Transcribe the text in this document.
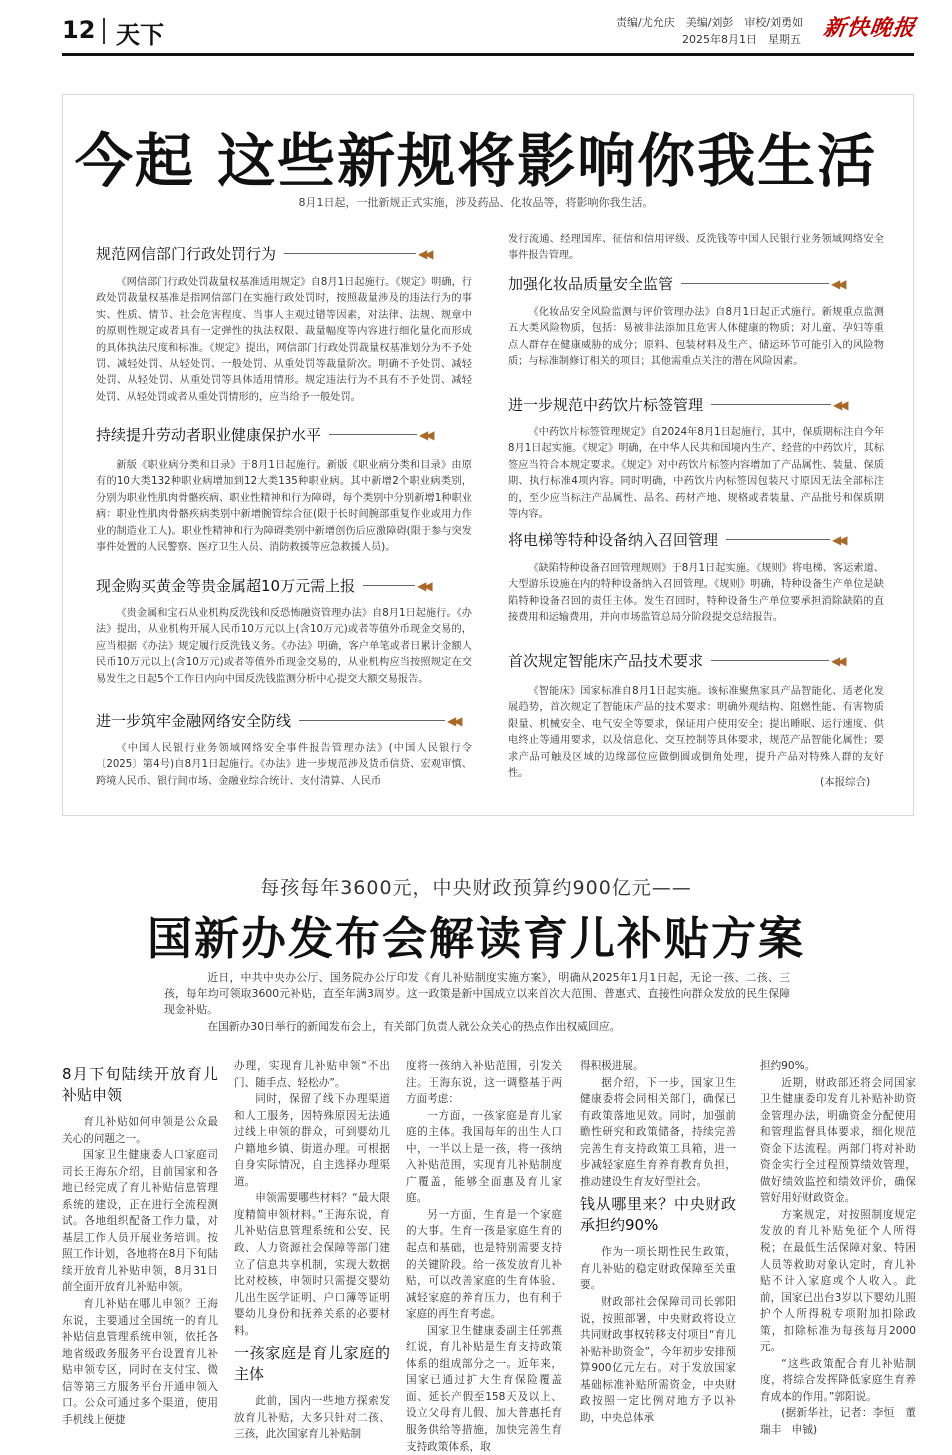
12 天下	责编/尤允庆　美编/刘彭　审校/刘勇如
2025年8月1日　星期五 新快晚报
今起 这些新规将影响你我生活
8月1日起，一批新规正式实施，涉及药品、化妆品等，将影响你我生活。
规范网信部门行政处罚行为	◀◀
《网信部门行政处罚裁量权基准适用规定》自8月1日起施行。《规定》明确，行政处罚裁量权基准是指网信部门在实施行政处罚时，按照裁量涉及的违法行为的事实、性质、情节、社会危害程度、当事人主观过错等因素，对法律、法规、规章中的原则性规定或者具有一定弹性的执法权限、裁量幅度等内容进行细化量化而形成的具体执法尺度和标准。《规定》提出，网信部门行政处罚裁量权基准划分为不予处罚、减轻处罚、从轻处罚、一般处罚、从重处罚等裁量阶次。明确不予处罚、减轻处罚、从轻处罚、从重处罚等具体适用情形。规定违法行为不具有不予处罚、减轻处罚、从轻处罚或者从重处罚情形的，应当给予一般处罚。
持续提升劳动者职业健康保护水平	◀◀
新版《职业病分类和目录》于8月1日起施行。新版《职业病分类和目录》由原有的10大类132种职业病增加到12大类135种职业病。其中新增2个职业病类别，分别为职业性肌肉骨骼疾病、职业性精神和行为障碍，每个类别中分别新增1种职业病：职业性肌肉骨骼疾病类别中新增腕管综合征(限于长时间腕部重复作业或用力作业的制造业工人)。职业性精神和行为障碍类别中新增创伤后应激障碍(限于参与突发事件处置的人民警察、医疗卫生人员、消防救援等应急救援人员)。
现金购买黄金等贵金属超10万元需上报	◀◀
《贵金属和宝石从业机构反洗钱和反恐怖融资管理办法》自8月1日起施行。《办法》提出，从业机构开展人民币10万元以上(含10万元)或者等值外币现金交易的，应当根据《办法》规定履行反洗钱义务。《办法》明确，客户单笔或者日累计金额人民币10万元以上(含10万元)或者等值外币现金交易的，从业机构应当按照规定在交易发生之日起5个工作日内向中国反洗钱监测分析中心提交大额交易报告。
进一步筑牢金融网络安全防线	◀◀
《中国人民银行业务领域网络安全事件报告管理办法》(中国人民银行令〔2025〕第4号)自8月1日起施行。《办法》进一步规范涉及货币信贷、宏观审慎、跨境人民币、银行间市场、金融业综合统计、支付清算、人民币
发行流通、经理国库、征信和信用评级、反洗钱等中国人民银行业务领域网络安全事件报告管理。
加强化妆品质量安全监管	◀◀
《化妆品安全风险监测与评价管理办法》自8月1日起正式施行。新规重点监测五大类风险物质，包括：易被非法添加且危害人体健康的物质；对儿童、孕妇等重点人群存在健康威胁的成分；原料、包装材料及生产、储运环节可能引入的风险物质；与标准制修订相关的项目；其他需重点关注的潜在风险因素。
进一步规范中药饮片标签管理	◀◀
《中药饮片标签管理规定》自2024年8月1日起施行，其中，保质期标注自今年8月1日起实施。《规定》明确，在中华人民共和国境内生产、经营的中药饮片，其标签应当符合本规定要求。《规定》对中药饮片标签内容增加了产品属性、装量、保质期、执行标准4项内容。同时明确，中药饮片内标签因包装尺寸原因无法全部标注的，至少应当标注产品属性、品名、药材产地、规格或者装量、产品批号和保质期等内容。
将电梯等特种设备纳入召回管理	◀◀
《缺陷特种设备召回管理规则》于8月1日起实施。《规则》将电梯、客运索道、大型游乐设施在内的特种设备纳入召回管理。《规则》明确，特种设备生产单位是缺陷特种设备召回的责任主体。发生召回时，特种设备生产单位要承担消除缺陷的直接费用和运输费用，并向市场监管总局分阶段提交总结报告。
首次规定智能床产品技术要求	◀◀
《智能床》国家标准自8月1日起实施。该标准聚焦家具产品智能化、适老化发展趋势，首次规定了智能床产品的技术要求：明确外观结构、阻燃性能、有害物质限量、机械安全、电气安全等要求，保证用户使用安全；提出睡眠、运行速度、供电终止等通用要求，以及信息化、交互控制等具体要求，规范产品智能化属性；要求产品可触及区域的边缘部位应做倒圆或倒角处理，提升产品对特殊人群的友好性。
(本报综合)
每孩每年3600元，中央财政预算约900亿元——
国新办发布会解读育儿补贴方案
近日，中共中央办公厅、国务院办公厅印发《育儿补贴制度实施方案》，明确从2025年1月1日起，无论一孩、二孩、三孩，每年均可领取3600元补贴，直至年满3周岁。这一政策是新中国成立以来首次大范围、普惠式、直接性向群众发放的民生保障现金补贴。
在国新办30日举行的新闻发布会上，有关部门负责人就公众关心的热点作出权威回应。
8月下旬陆续开放育儿补贴申领

育儿补贴如何申领是公众最关心的问题之一。

国家卫生健康委人口家庭司司长王海东介绍，目前国家和各地已经完成了育儿补贴信息管理系统的建设，正在进行全流程测试。各地组织配备工作力量，对基层工作人员开展业务培训。按照工作计划，各地将在8月下旬陆续开放育儿补贴申领，8月31日前全面开放育儿补贴申领。

育儿补贴在哪儿申领？王海东说，主要通过全国统一的育儿补贴信息管理系统申领，依托各地省级政务服务平台设置育儿补贴申领专区，同时在支付宝、微信等第三方服务平台开通申领入口。公众可通过多个渠道，使用手机线上便捷

办理，实现育儿补贴申领“不出门、随手点、轻松办”。

同时，保留了线下办理渠道和人工服务，因特殊原因无法通过线上申领的群众，可到婴幼儿户籍地乡镇、街道办理。可根据自身实际情况，自主选择办理渠道。

申领需要哪些材料？“最大限度精简申领材料。”王海东说，育儿补贴信息管理系统和公安、民政、人力资源社会保障等部门建立了信息共享机制，实现大数据比对校核，申领时只需提交婴幼儿出生医学证明、户口簿等证明婴幼儿身份和抚养关系的必要材料。

一孩家庭是育儿家庭的主体

此前，国内一些地方探索发放育儿补贴，大多只针对二孩、三孩，此次国家育儿补贴制

度将一孩纳入补贴范围，引发关注。王海东说，这一调整基于两方面考虑：

一方面，一孩家庭是育儿家庭的主体。我国每年的出生人口中，一半以上是一孩，将一孩纳入补贴范围，实现育儿补贴制度广覆盖，能够全面惠及育儿家庭。

另一方面，生育是一个家庭的大事。生育一孩是家庭生育的起点和基础，也是特别需要支持的关键阶段。给一孩发放育儿补贴，可以改善家庭的生育体验、减轻家庭的养育压力，也有利于家庭的再生育考虑。

国家卫生健康委副主任郭燕红说，育儿补贴是生育支持政策体系的组成部分之一。近年来，国家已通过扩大生育保险覆盖面、延长产假至158天及以上、设立父母育儿假、加大普惠托育服务供给等措施，加快完善生育支持政策体系，取

得积极进展。

据介绍，下一步，国家卫生健康委将会同相关部门，确保已有政策落地见效。同时，加强前瞻性研究和政策储备，持续完善完善生育支持政策工具箱，进一步减轻家庭生育养育教育负担，推动建设生育友好型社会。

钱从哪里来？中央财政承担约90%

作为一项长期性民生政策，育儿补贴的稳定财政保障至关重要。

财政部社会保障司司长郭阳说，按照部署，中央财政将设立共同财政事权转移支付项目“育儿补贴补助资金”，今年初步安排预算900亿元左右。对于发放国家基础标准补贴所需资金，中央财政按照一定比例对地方予以补助，中央总体承

担约90%。

近期，财政部还将会同国家卫生健康委印发育儿补贴补助资金管理办法，明确资金分配使用和管理监督具体要求，细化规范资金下达流程。两部门将对补助资金实行全过程预算绩效管理，做好绩效监控和绩效评价，确保管好用好财政资金。

方案规定，对按照制度规定发放的育儿补贴免征个人所得税；在最低生活保障对象、特困人员等救助对象认定时，育儿补贴不计入家庭或个人收入。此前，国家已出台3岁以下婴幼儿照护个人所得税专项附加扣除政策，扣除标准为每孩每月2000元。

“这些政策配合育儿补贴制度，将综合发挥降低家庭生育养育成本的作用。”郭阳说。

(据新华社，记者：李恒　董瑞丰　申铖)
